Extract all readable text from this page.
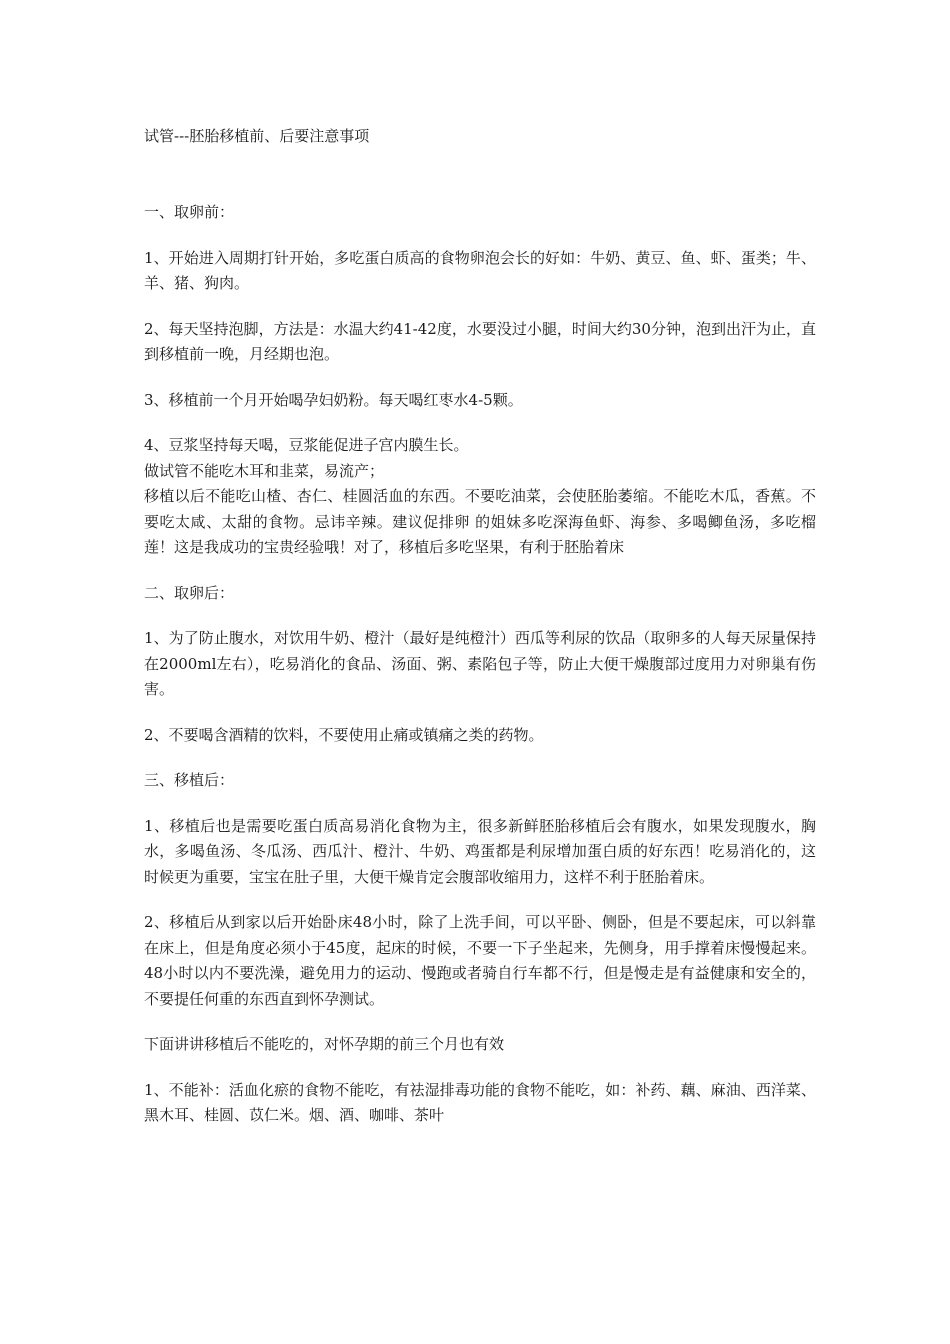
试管---胚胎移植前、后要注意事项

一、取卵前：

1、开始进入周期打针开始，多吃蛋白质高的食物卵泡会长的好如：牛奶、黄豆、鱼、虾、蛋类；牛、羊、猪、狗肉。

2、每天坚持泡脚，方法是：水温大约41-42度，水要没过小腿，时间大约30分钟，泡到出汗为止，直到移植前一晚，月经期也泡。

3、移植前一个月开始喝孕妇奶粉。每天喝红枣水4-5颗。

4、豆浆坚持每天喝，豆浆能促进子宫内膜生长。

做试管不能吃木耳和韭菜，易流产；

移植以后不能吃山楂、杏仁、桂圆活血的东西。不要吃油菜，会使胚胎萎缩。不能吃木瓜，香蕉。不要吃太咸、太甜的食物。忌讳辛辣。建议促排卵 的姐妹多吃深海鱼虾、海参、多喝鲫鱼汤，多吃榴莲！这是我成功的宝贵经验哦！对了，移植后多吃坚果，有利于胚胎着床

二、取卵后：

1、为了防止腹水，对饮用牛奶、橙汁（最好是纯橙汁）西瓜等利尿的饮品（取卵多的人每天尿量保持在2000ml左右），吃易消化的食品、汤面、粥、素陷包子等，防止大便干燥腹部过度用力对卵巢有伤害。

2、不要喝含酒精的饮料，不要使用止痛或镇痛之类的药物。

三、移植后：

1、移植后也是需要吃蛋白质高易消化食物为主，很多新鲜胚胎移植后会有腹水，如果发现腹水，胸水，多喝鱼汤、冬瓜汤、西瓜汁、橙汁、牛奶、鸡蛋都是利尿增加蛋白质的好东西！吃易消化的，这时候更为重要，宝宝在肚子里，大便干燥肯定会腹部收缩用力，这样不利于胚胎着床。

2、移植后从到家以后开始卧床48小时，除了上洗手间，可以平卧、侧卧，但是不要起床，可以斜靠在床上，但是角度必须小于45度，起床的时候，不要一下子坐起来，先侧身，用手撑着床慢慢起来。48小时以内不要洗澡，避免用力的运动、慢跑或者骑自行车都不行，但是慢走是有益健康和安全的，不要提任何重的东西直到怀孕测试。

下面讲讲移植后不能吃的，对怀孕期的前三个月也有效

1、不能补：活血化瘀的食物不能吃，有祛湿排毒功能的食物不能吃，如：补药、藕、麻油、西洋菜、黑木耳、桂圆、苡仁米。烟、酒、咖啡、茶叶
